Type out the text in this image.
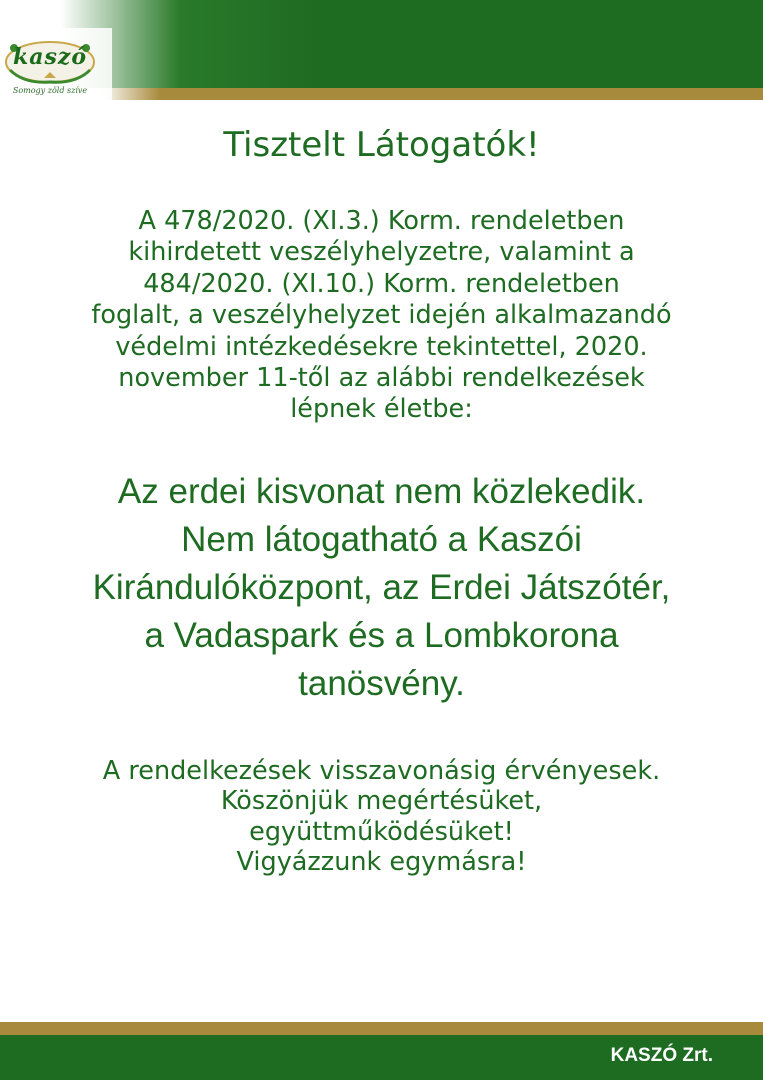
kaszó
Somogy zöld szíve
Tisztelt Látogatók!
A 478/2020. (XI.3.) Korm. rendeletben
kihirdetett veszélyhelyzetre, valamint a
484/2020. (XI.10.) Korm. rendeletben
foglalt, a veszélyhelyzet idején alkalmazandó
védelmi intézkedésekre tekintettel, 2020.
november 11-től az alábbi rendelkezések
lépnek életbe:
Az erdei kisvonat nem közlekedik.
Nem látogatható a Kaszói
Kirándulóközpont, az Erdei Játszótér,
a Vadaspark és a Lombkorona
tanösvény.
A rendelkezések visszavonásig érvényesek.
Köszönjük megértésüket,
együttműködésüket!
Vigyázzunk egymásra!
KASZÓ Zrt.
